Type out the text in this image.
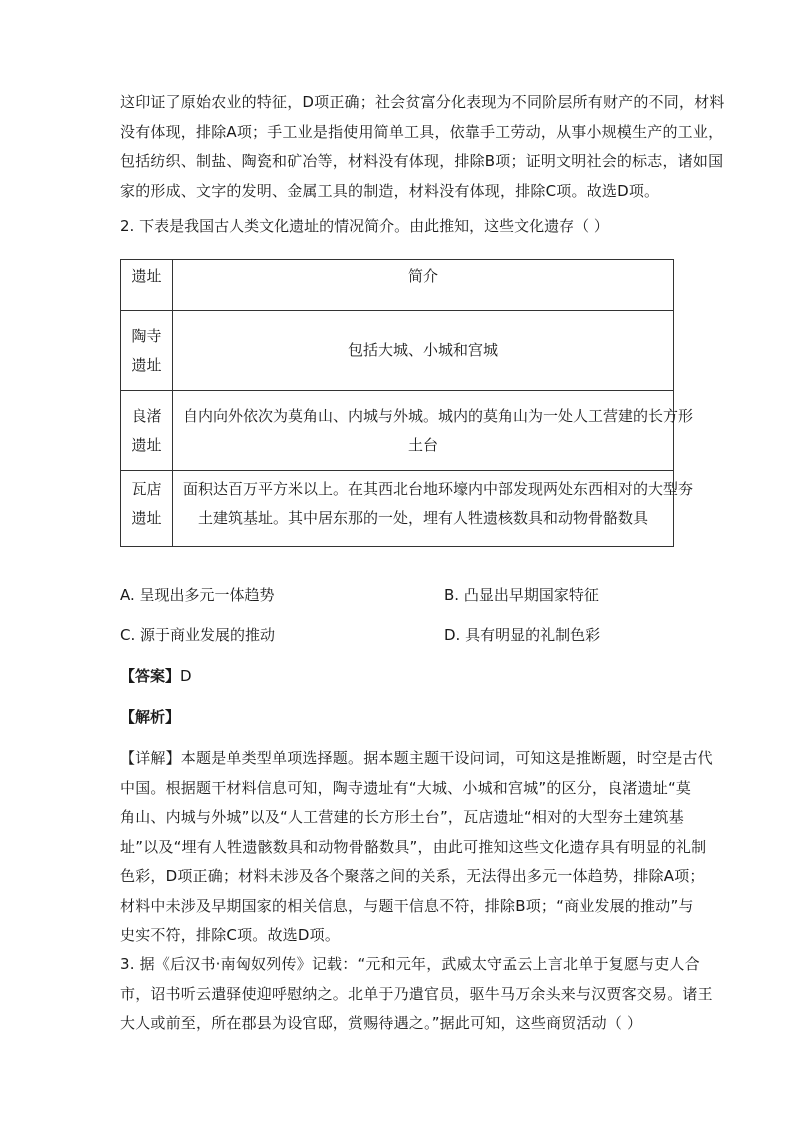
这印证了原始农业的特征，D项正确；社会贫富分化表现为不同阶层所有财产的不同，材料
没有体现，排除A项；手工业是指使用简单工具，依靠手工劳动，从事小规模生产的工业，
包括纺织、制盐、陶瓷和矿冶等，材料没有体现，排除B项；证明文明社会的标志，诸如国
家的形成、文字的发明、金属工具的制造，材料没有体现，排除C项。故选D项。

2. 下表是我国古人类文化遗址的情况简介。由此推知，这些文化遗存（ ）
遗址	简介

陶寺
遗址	包括大城、小城和宫城

良渚
遗址	自内向外依次为莫角山、内城与外城。城内的莫角山为一处人工营建的长方形
土台

瓦店
遗址	面积达百万平方米以上。在其西北台地环壕内中部发现两处东西相对的大型夯
土建筑基址。其中居东那的一处，埋有人牲遗核数具和动物骨骼数具
A. 呈现出多元一体趋势	B. 凸显出早期国家特征
C. 源于商业发展的推动	D. 具有明显的礼制色彩
【答案】D
【解析】

【详解】本题是单类型单项选择题。据本题主题干设问词，可知这是推断题，时空是古代
中国。根据题干材料信息可知，陶寺遗址有“大城、小城和宫城”的区分，良渚遗址“莫
角山、内城与外城”以及“人工营建的长方形土台”，瓦店遗址“相对的大型夯土建筑基
址”以及“埋有人牲遗骸数具和动物骨骼数具”，由此可推知这些文化遗存具有明显的礼制
色彩，D项正确；材料未涉及各个聚落之间的关系，无法得出多元一体趋势，排除A项；
材料中未涉及早期国家的相关信息，与题干信息不符，排除B项；“商业发展的推动”与
史实不符，排除C项。故选D项。

3. 据《后汉书·南匈奴列传》记载：“元和元年，武威太守孟云上言北单于复愿与吏人合
市，诏书听云遣驿使迎呼慰纳之。北单于乃遣官员，驱牛马万余头来与汉贾客交易。诸王
大人或前至，所在郡县为设官邸，赏赐待遇之。”据此可知，这些商贸活动（ ）
